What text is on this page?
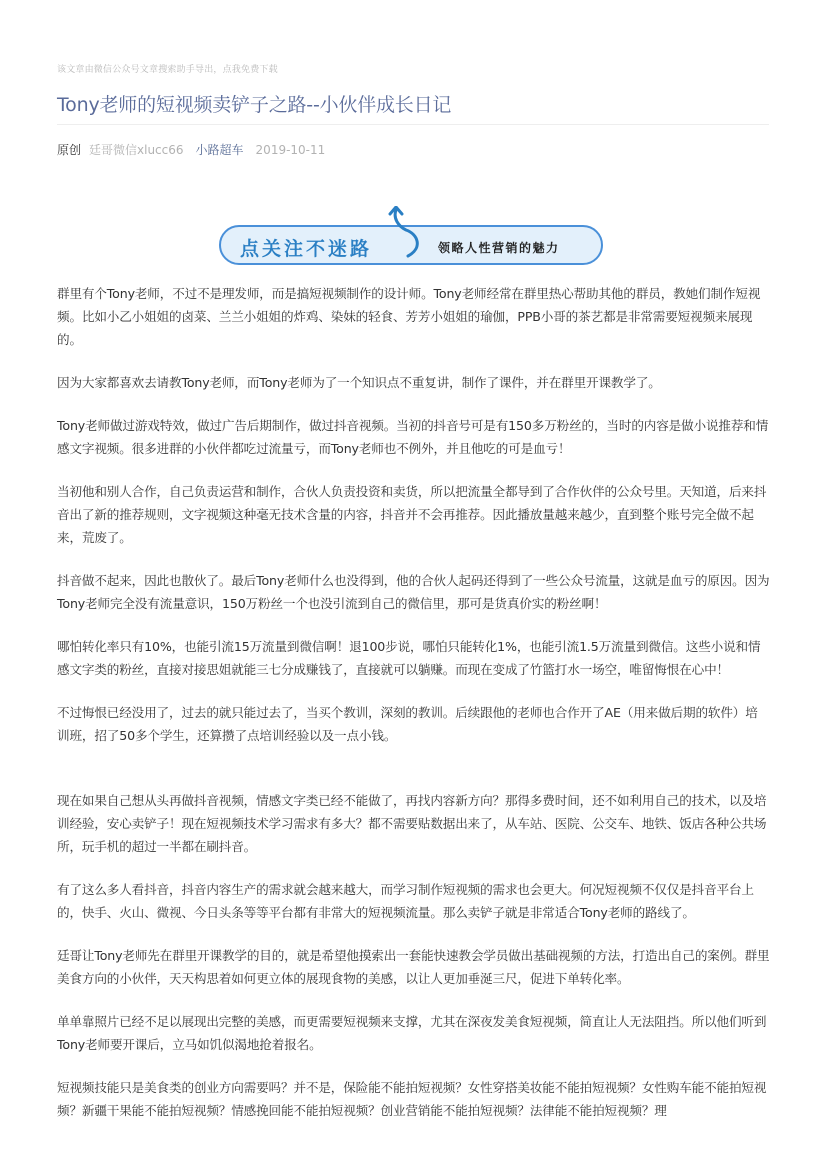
该文章由微信公众号文章搜索助手导出，点我免费下载
Tony老师的短视频卖铲子之路--小伙伴成长日记
原创 廷哥微信xlucc66 小路超车 2019-10-11
点关注不迷路	领略人性营销的魅力

群里有个Tony老师，不过不是理发师，而是搞短视频制作的设计师。Tony老师经常在群里热心帮助其他的群员，教她们制作短视频。比如小乙小姐姐的卤菜、兰兰小姐姐的炸鸡、染妹的轻食、芳芳小姐姐的瑜伽，PPB小哥的茶艺都是非常需要短视频来展现的。

因为大家都喜欢去请教Tony老师，而Tony老师为了一个知识点不重复讲，制作了课件，并在群里开课教学了。

Tony老师做过游戏特效，做过广告后期制作，做过抖音视频。当初的抖音号可是有150多万粉丝的，当时的内容是做小说推荐和情感文字视频。很多进群的小伙伴都吃过流量亏，而Tony老师也不例外，并且他吃的可是血亏！

当初他和别人合作，自己负责运营和制作，合伙人负责投资和卖货，所以把流量全都导到了合作伙伴的公众号里。天知道，后来抖音出了新的推荐规则，文字视频这种毫无技术含量的内容，抖音并不会再推荐。因此播放量越来越少，直到整个账号完全做不起来，荒废了。

抖音做不起来，因此也散伙了。最后Tony老师什么也没得到，他的合伙人起码还得到了一些公众号流量，这就是血亏的原因。因为Tony老师完全没有流量意识，150万粉丝一个也没引流到自己的微信里，那可是货真价实的粉丝啊！

哪怕转化率只有10%，也能引流15万流量到微信啊！退100步说，哪怕只能转化1%，也能引流1.5万流量到微信。这些小说和情感文字类的粉丝，直接对接思姐就能三七分成赚钱了，直接就可以躺赚。而现在变成了竹篮打水一场空，唯留悔恨在心中！

不过悔恨已经没用了，过去的就只能过去了，当买个教训，深刻的教训。后续跟他的老师也合作开了AE（用来做后期的软件）培训班，招了50多个学生，还算攒了点培训经验以及一点小钱。

现在如果自己想从头再做抖音视频，情感文字类已经不能做了，再找内容新方向？那得多费时间，还不如利用自己的技术，以及培训经验，安心卖铲子！现在短视频技术学习需求有多大？都不需要贴数据出来了，从车站、医院、公交车、地铁、饭店各种公共场所，玩手机的超过一半都在刷抖音。

有了这么多人看抖音，抖音内容生产的需求就会越来越大，而学习制作短视频的需求也会更大。何况短视频不仅仅是抖音平台上的，快手、火山、微视、今日头条等等平台都有非常大的短视频流量。那么卖铲子就是非常适合Tony老师的路线了。

廷哥让Tony老师先在群里开课教学的目的，就是希望他摸索出一套能快速教会学员做出基础视频的方法，打造出自己的案例。群里美食方向的小伙伴，天天构思着如何更立体的展现食物的美感，以让人更加垂涎三尺，促进下单转化率。

单单靠照片已经不足以展现出完整的美感，而更需要短视频来支撑，尤其在深夜发美食短视频，简直让人无法阻挡。所以他们听到Tony老师要开课后，立马如饥似渴地抢着报名。

短视频技能只是美食类的创业方向需要吗？并不是，保险能不能拍短视频？女性穿搭美妆能不能拍短视频？女性购车能不能拍短视频？新疆干果能不能拍短视频？情感挽回能不能拍短视频？创业营销能不能拍短视频？法律能不能拍短视频？理
